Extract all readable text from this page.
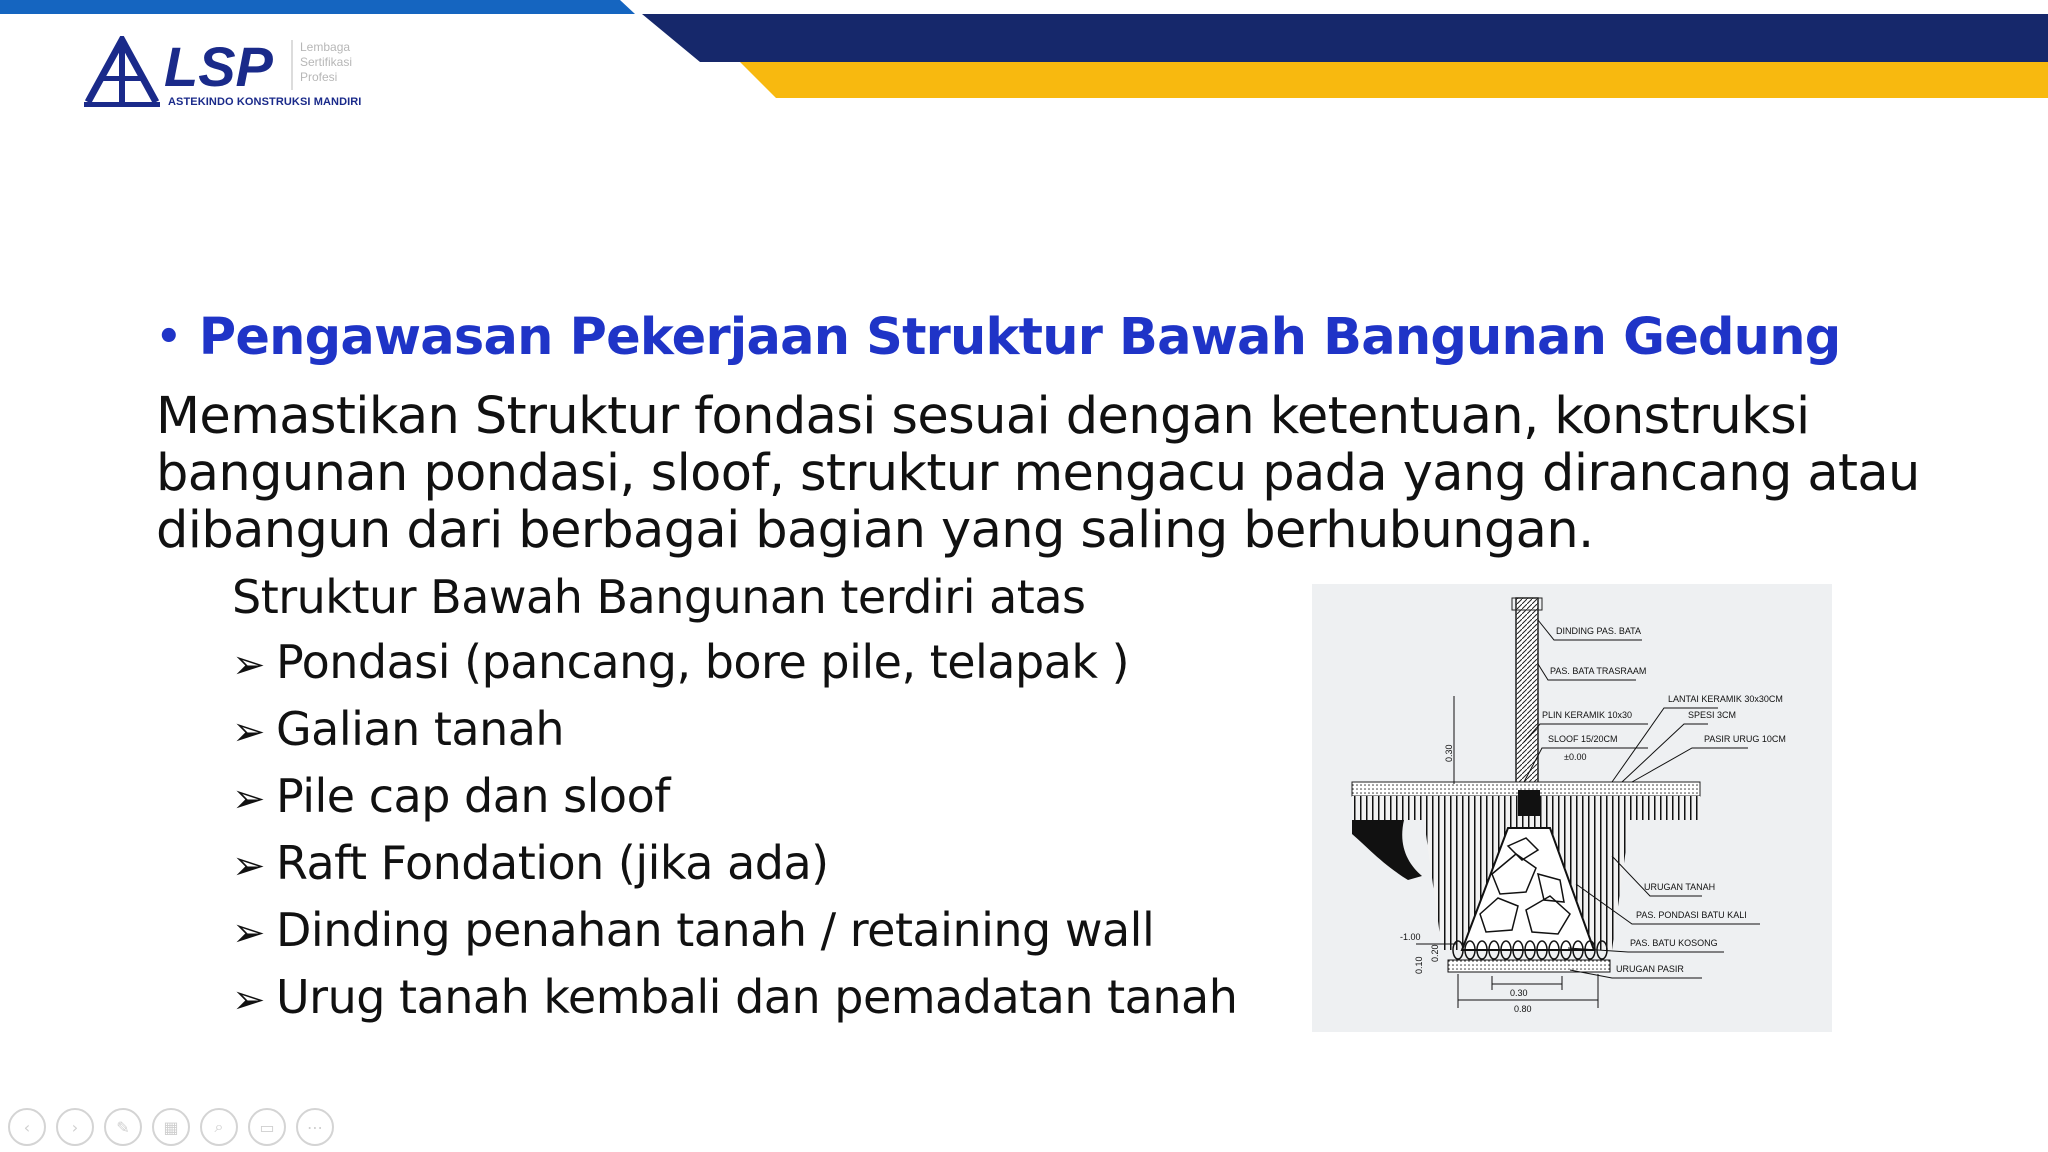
LSP Lembaga
Sertifikasi
Profesi
ASTEKINDO KONSTRUKSI MANDIRI
• Pengawasan Pekerjaan Struktur Bawah Bangunan Gedung
Memastikan Struktur fondasi sesuai dengan ketentuan, konstruksi
bangunan pondasi, sloof, struktur mengacu pada yang dirancang atau
dibangun dari berbagai bagian yang saling berhubungan.
Struktur Bawah Bangunan terdiri atas
➢ Pondasi (pancang, bore pile, telapak )
➢ Galian tanah
➢ Pile cap dan sloof
➢ Raft Fondation (jika ada)
➢ Dinding penahan tanah / retaining wall
➢ Urug tanah kembali dan pemadatan tanah
DINDING PAS. BATA
PAS. BATA TRASRAAM
LANTAI KERAMIK 30x30CM
SPESI 3CM
PLIN KERAMIK 10x30
PASIR URUG 10CM
SLOOF 15/20CM
±0.00
URUGAN TANAH
PAS. PONDASI BATU KALI
PAS. BATU KOSONG
URUGAN PASIR
-1.00
0.30
0.80
0.30
0.20
0.10
‹	›	✎	▦	⌕	▭	⋯
